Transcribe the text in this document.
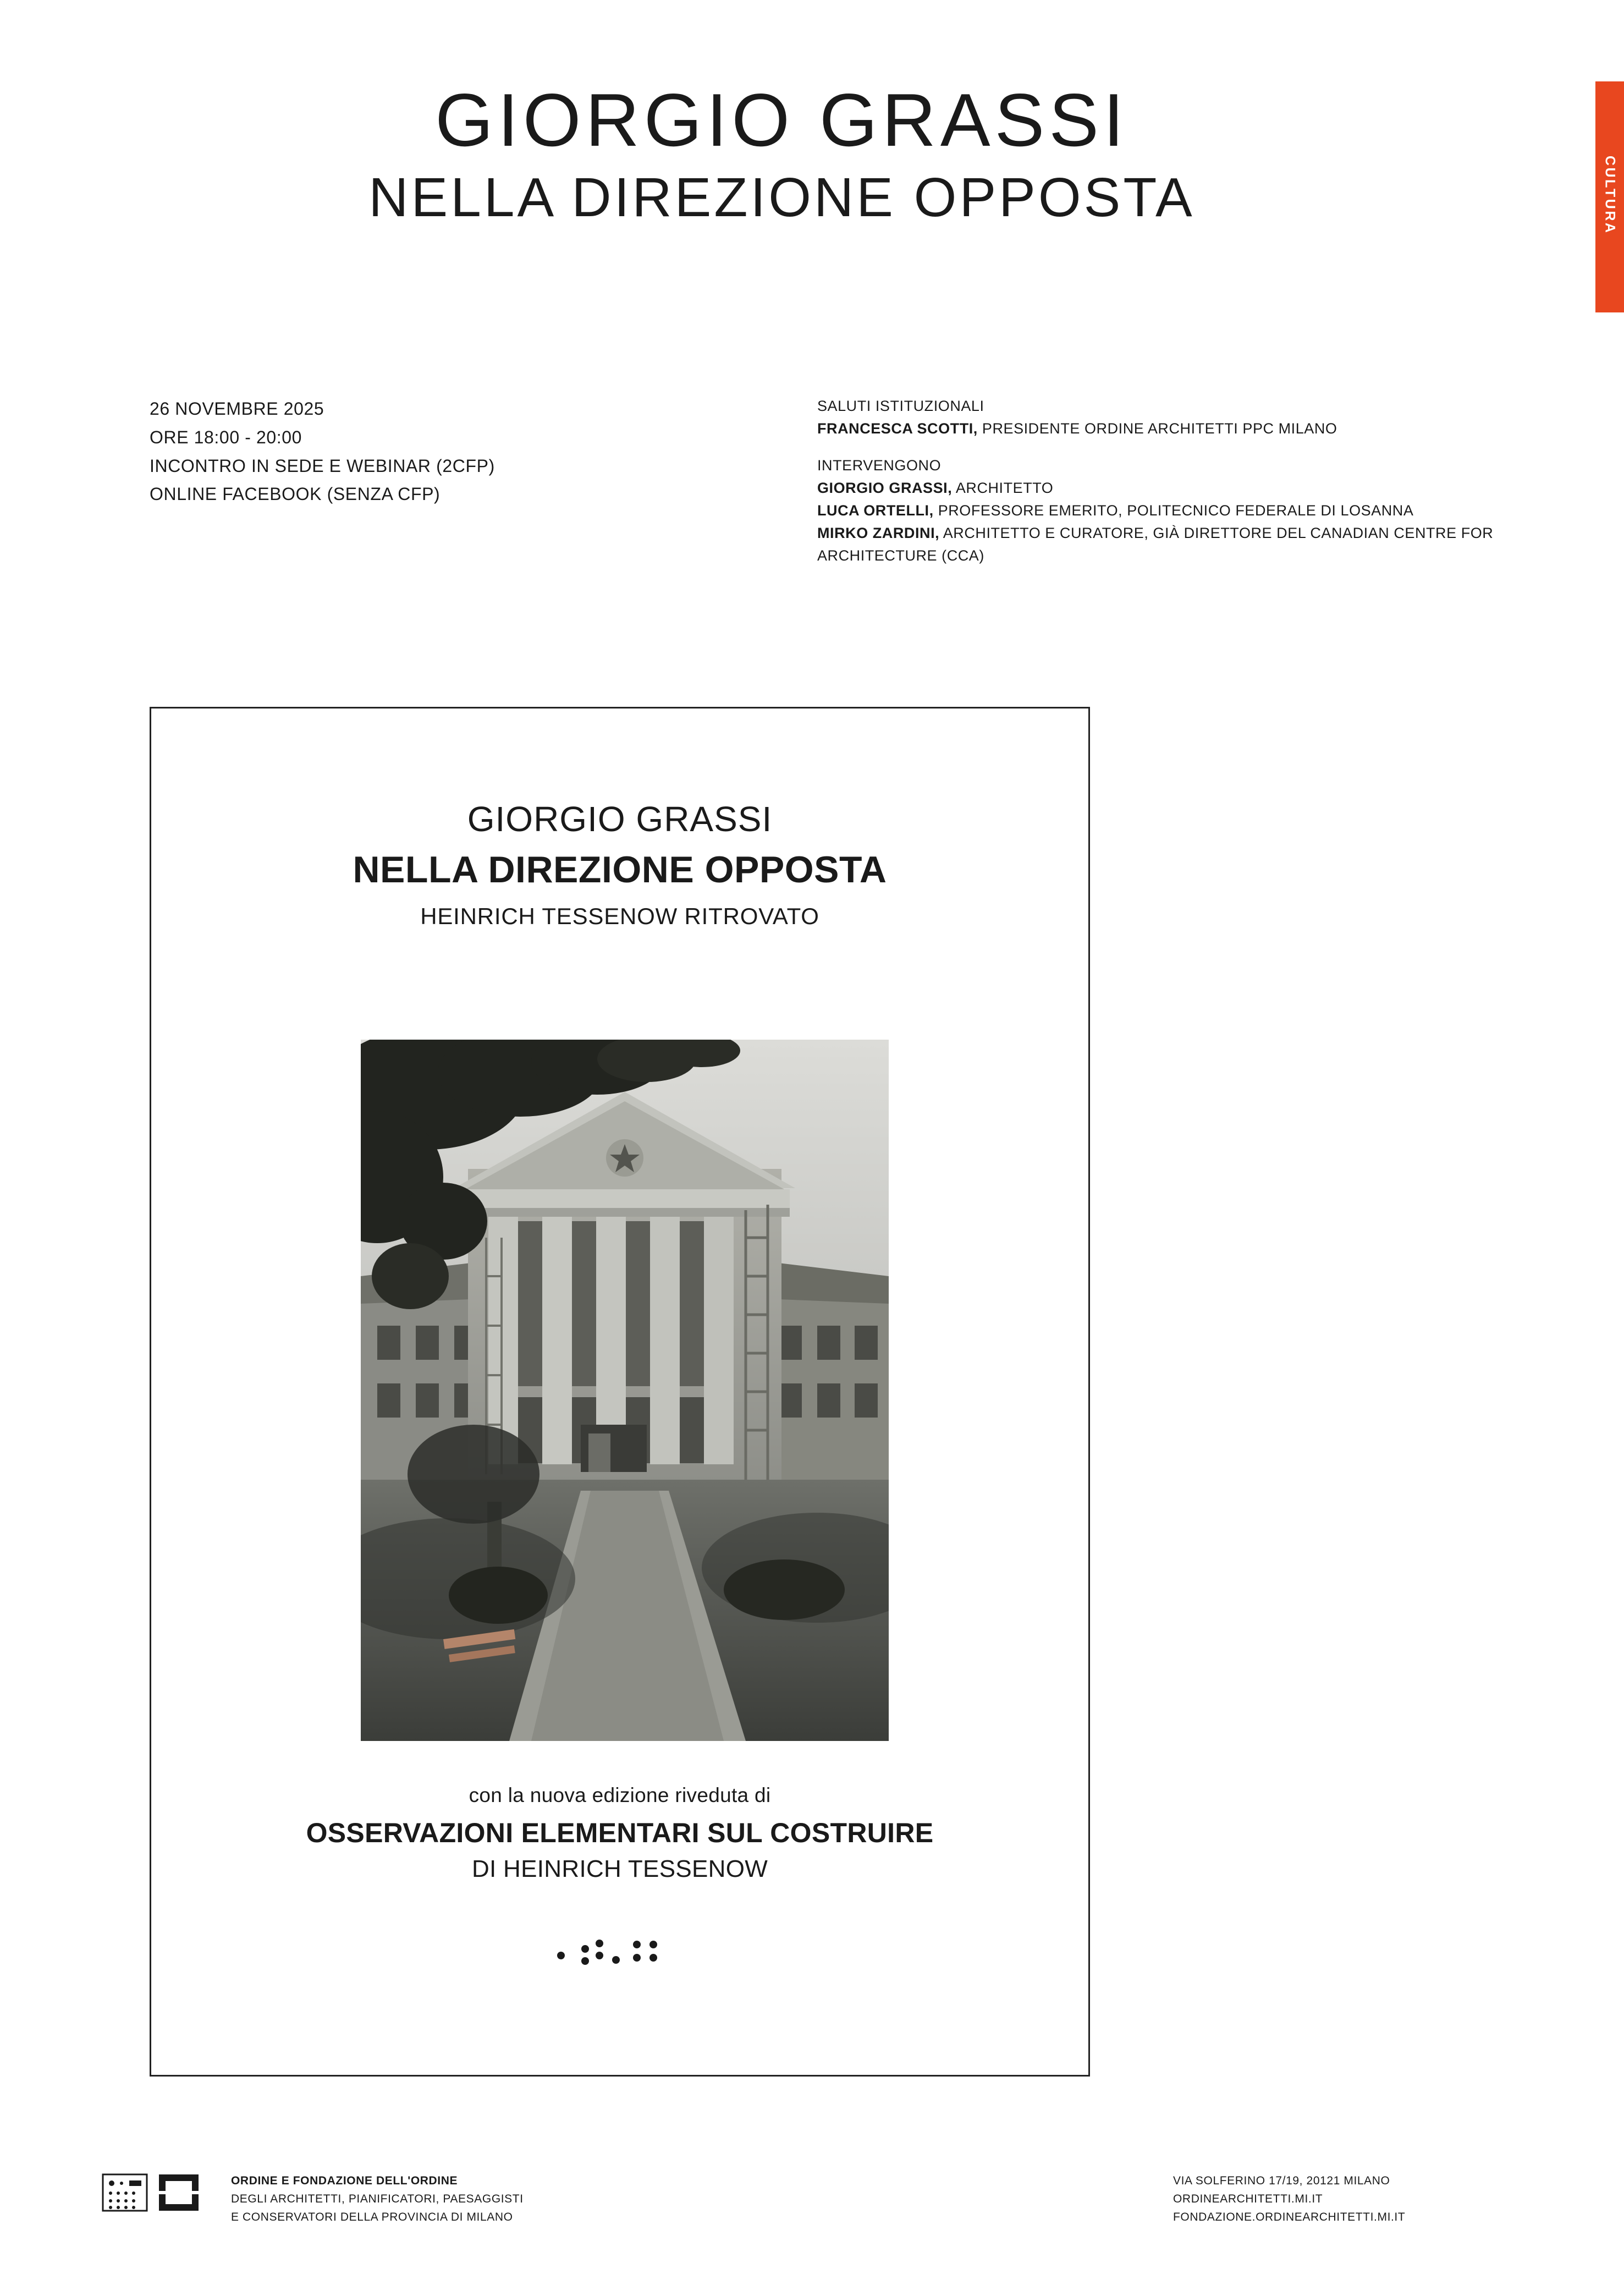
CULTURA
GIORGIO GRASSI
NELLA DIREZIONE OPPOSTA
26 NOVEMBRE 2025
ORE 18:00 - 20:00
INCONTRO IN SEDE E WEBINAR (2CFP)
ONLINE FACEBOOK (SENZA CFP)
SALUTI ISTITUZIONALI
FRANCESCA SCOTTI, PRESIDENTE ORDINE ARCHITETTI PPC MILANO
INTERVENGONO
GIORGIO GRASSI, ARCHITETTO
LUCA ORTELLI, PROFESSORE EMERITO, POLITECNICO FEDERALE DI LOSANNA
MIRKO ZARDINI, ARCHITETTO E CURATORE, GIÀ DIRETTORE DEL CANADIAN CENTRE FOR ARCHITECTURE (CCA)
GIORGIO GRASSI
NELLA DIREZIONE OPPOSTA
HEINRICH TESSENOW RITROVATO
con la nuova edizione riveduta di
OSSERVAZIONI ELEMENTARI SUL COSTRUIRE
DI HEINRICH TESSENOW
ORDINE E FONDAZIONE DELL'ORDINE
DEGLI ARCHITETTI, PIANIFICATORI, PAESAGGISTI
E CONSERVATORI DELLA PROVINCIA DI MILANO
VIA SOLFERINO 17/19, 20121 MILANO
ORDINEARCHITETTI.MI.IT
FONDAZIONE.ORDINEARCHITETTI.MI.IT
